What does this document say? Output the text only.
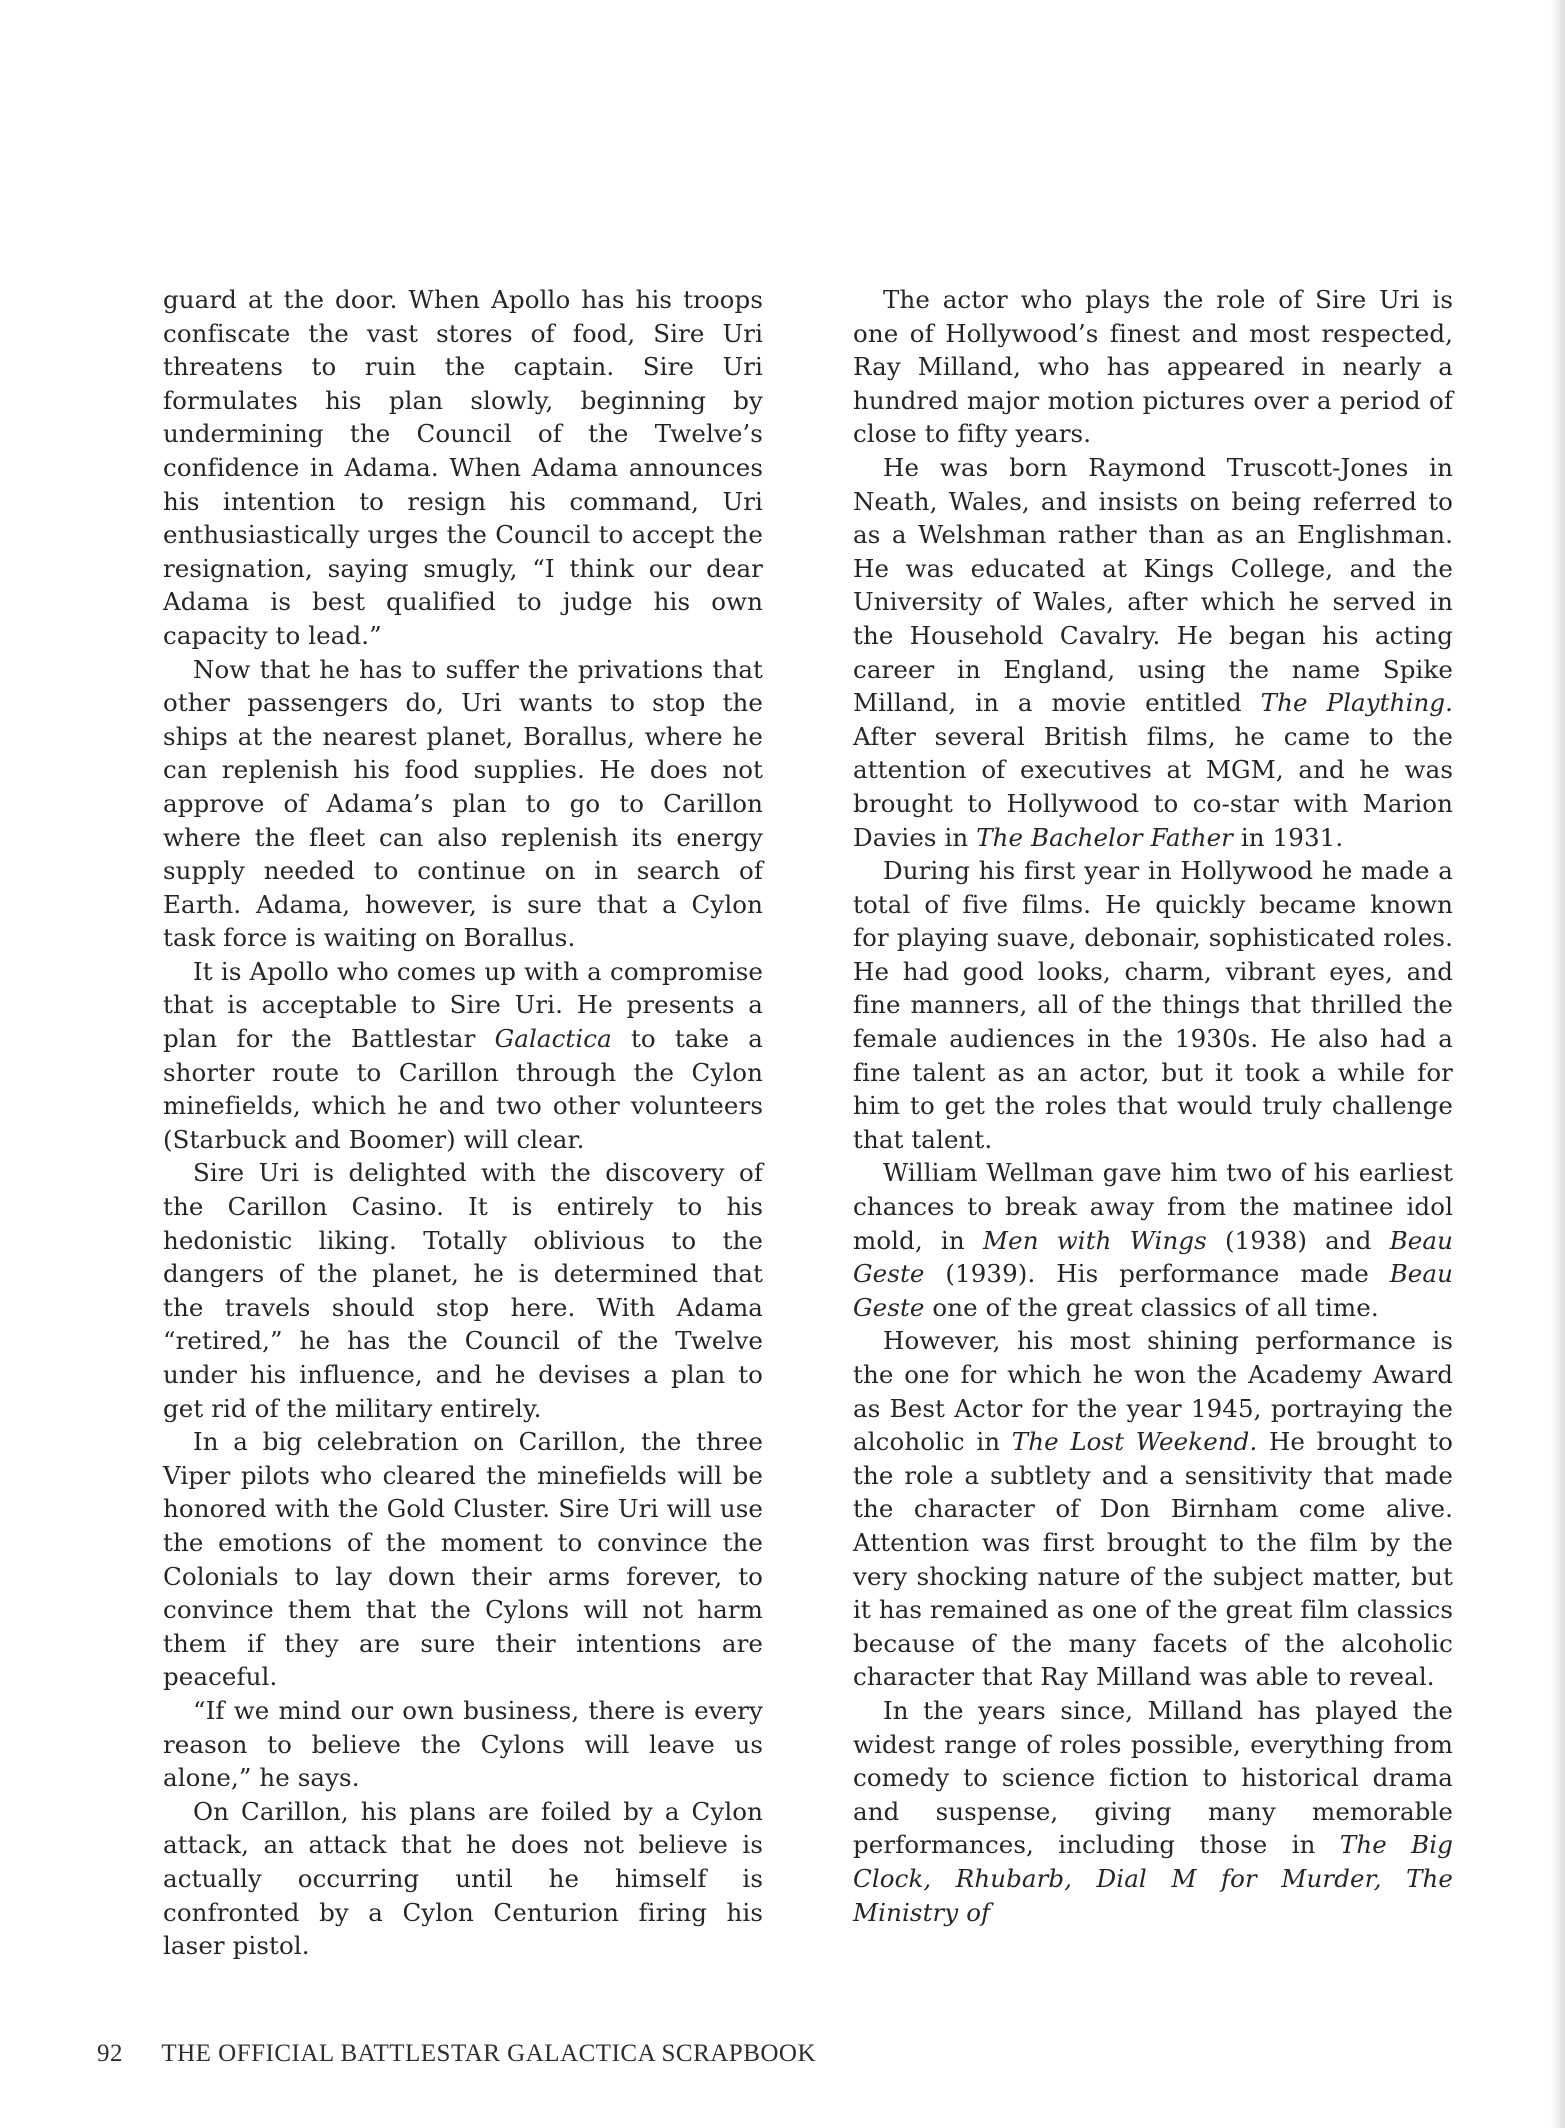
guard at the door. When Apollo has his troops confiscate the vast stores of food, Sire Uri threatens to ruin the captain. Sire Uri formulates his plan slowly, beginning by undermining the Council of the Twelve’s confidence in Adama. When Adama announces his intention to resign his command, Uri enthusiastically urges the Council to accept the resignation, saying smugly, “I think our dear Adama is best qualified to judge his own capacity to lead.”

Now that he has to suffer the privations that other passengers do, Uri wants to stop the ships at the nearest planet, Borallus, where he can replenish his food supplies. He does not approve of Adama’s plan to go to Carillon where the fleet can also replenish its energy supply needed to continue on in search of Earth. Adama, however, is sure that a Cylon task force is waiting on Borallus.

It is Apollo who comes up with a compromise that is acceptable to Sire Uri. He presents a plan for the Battlestar Galactica to take a shorter route to Carillon through the Cylon minefields, which he and two other volunteers (Starbuck and Boomer) will clear.

Sire Uri is delighted with the discovery of the Carillon Casino. It is entirely to his hedonistic liking. Totally oblivious to the dangers of the planet, he is determined that the travels should stop here. With Adama “retired,” he has the Council of the Twelve under his influence, and he devises a plan to get rid of the military entirely.

In a big celebration on Carillon, the three Viper pilots who cleared the minefields will be honored with the Gold Cluster. Sire Uri will use the emotions of the moment to convince the Colonials to lay down their arms forever, to convince them that the Cylons will not harm them if they are sure their intentions are peaceful.

“If we mind our own business, there is every reason to believe the Cylons will leave us alone,” he says.

On Carillon, his plans are foiled by a Cylon attack, an attack that he does not believe is actually occurring until he himself is confronted by a Cylon Centurion firing his laser pistol.

The actor who plays the role of Sire Uri is one of Hollywood’s finest and most respected, Ray Milland, who has appeared in nearly a hundred major motion pictures over a period of close to fifty years.

He was born Raymond Truscott-Jones in Neath, Wales, and insists on being referred to as a Welshman rather than as an Englishman. He was educated at Kings College, and the University of Wales, after which he served in the Household Cavalry. He began his acting career in England, using the name Spike Milland, in a movie entitled The Plaything. After several British films, he came to the attention of executives at MGM, and he was brought to Hollywood to co-star with Marion Davies in The Bachelor Father in 1931.

During his first year in Hollywood he made a total of five films. He quickly became known for playing suave, debonair, sophisticated roles. He had good looks, charm, vibrant eyes, and fine manners, all of the things that thrilled the female audiences in the 1930s. He also had a fine talent as an actor, but it took a while for him to get the roles that would truly challenge that talent.

William Wellman gave him two of his earliest chances to break away from the matinee idol mold, in Men with Wings (1938) and Beau Geste (1939). His performance made Beau Geste one of the great classics of all time.

However, his most shining performance is the one for which he won the Academy Award as Best Actor for the year 1945, portraying the alcoholic in The Lost Weekend. He brought to the role a subtlety and a sensitivity that made the character of Don Birnham come alive. Attention was first brought to the film by the very shocking nature of the subject matter, but it has remained as one of the great film classics because of the many facets of the alcoholic character that Ray Milland was able to reveal.

In the years since, Milland has played the widest range of roles possible, everything from comedy to science fiction to historical drama and suspense, giving many memorable performances, including those in The Big Clock, Rhubarb, Dial M for Murder, The Ministry of

92 THE OFFICIAL BATTLESTAR GALACTICA SCRAPBOOK
